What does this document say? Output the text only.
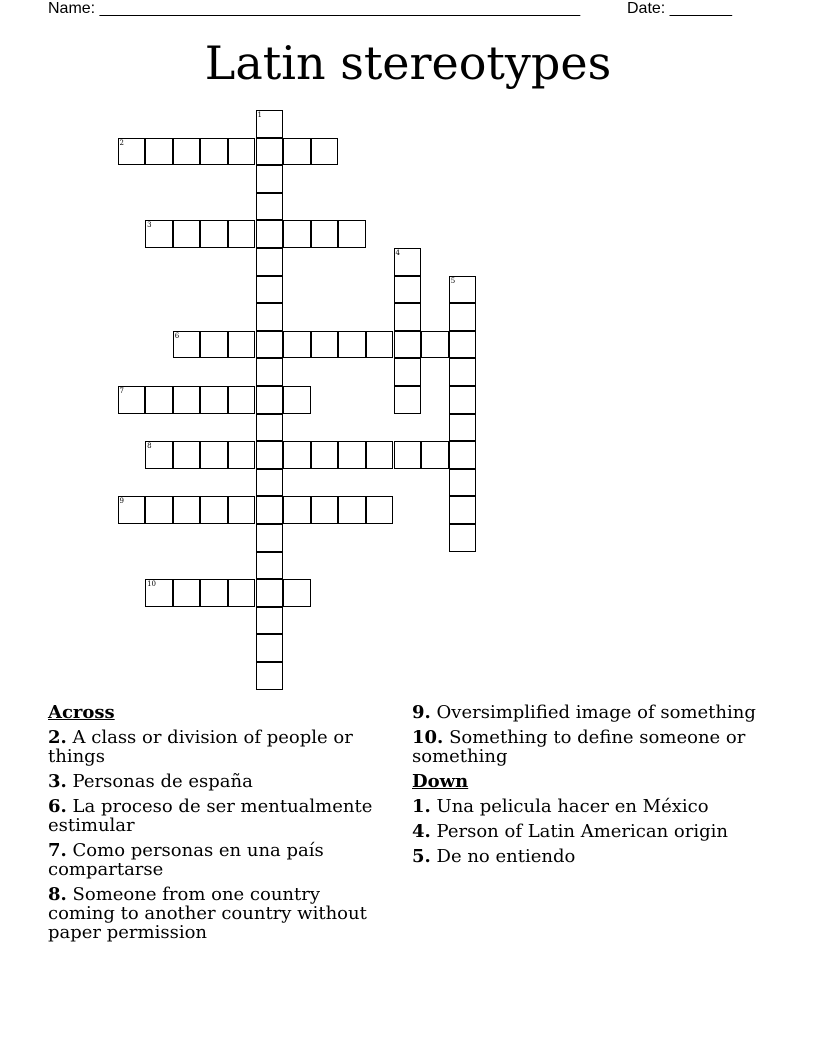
Name: ______________________________________________________	Date: _______
Latin stereotypes
1
2
3
4
5
6
7
8
9
10
Across
2. A class or division of people or things
3. Personas de españa
6. La proceso de ser mentualmente estimular
7. Como personas en una país compartarse
8. Someone from one country coming to another country without paper permission
9. Oversimplified image of something
10. Something to define someone or something
Down
1. Una pelicula hacer en México
4. Person of Latin American origin
5. De no entiendo
